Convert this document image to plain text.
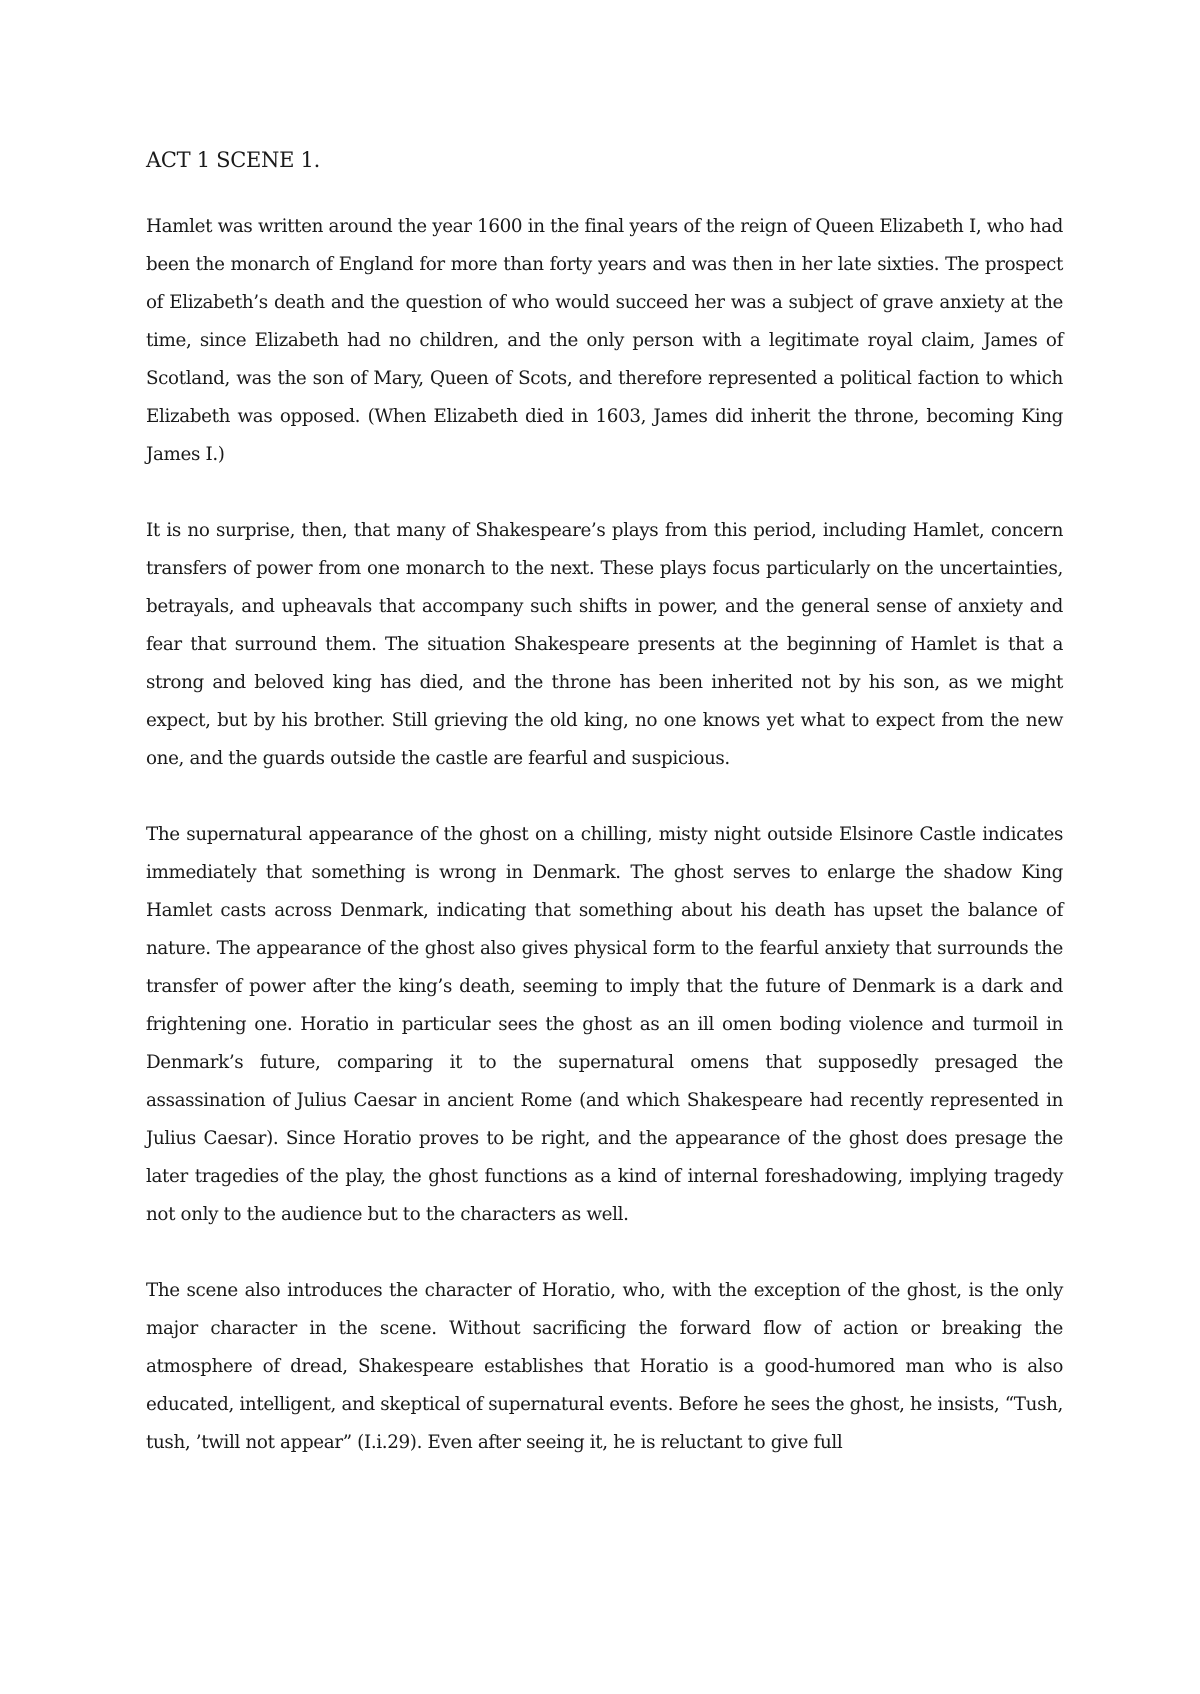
ACT 1 SCENE 1.

Hamlet was written around the year 1600 in the final years of the reign of Queen Elizabeth I, who had been the monarch of England for more than forty years and was then in her late sixties. The prospect of Elizabeth’s death and the question of who would succeed her was a subject of grave anxiety at the time, since Elizabeth had no children, and the only person with a legitimate royal claim, James of Scotland, was the son of Mary, Queen of Scots, and therefore represented a political faction to which Elizabeth was opposed. (When Elizabeth died in 1603, James did inherit the throne, becoming King James I.)

It is no surprise, then, that many of Shakespeare’s plays from this period, including Hamlet, concern transfers of power from one monarch to the next. These plays focus particularly on the uncertainties, betrayals, and upheavals that accompany such shifts in power, and the general sense of anxiety and fear that surround them. The situation Shakespeare presents at the beginning of Hamlet is that a strong and beloved king has died, and the throne has been inherited not by his son, as we might expect, but by his brother. Still grieving the old king, no one knows yet what to expect from the new one, and the guards outside the castle are fearful and suspicious.

The supernatural appearance of the ghost on a chilling, misty night outside Elsinore Castle indicates immediately that something is wrong in Denmark. The ghost serves to enlarge the shadow King Hamlet casts across Denmark, indicating that something about his death has upset the balance of nature. The appearance of the ghost also gives physical form to the fearful anxiety that surrounds the transfer of power after the king’s death, seeming to imply that the future of Denmark is a dark and frightening one. Horatio in particular sees the ghost as an ill omen boding violence and turmoil in Denmark’s future, comparing it to the supernatural omens that supposedly presaged the assassination of Julius Caesar in ancient Rome (and which Shakespeare had recently represented in Julius Caesar). Since Horatio proves to be right, and the appearance of the ghost does presage the later tragedies of the play, the ghost functions as a kind of internal foreshadowing, implying tragedy not only to the audience but to the characters as well.

The scene also introduces the character of Horatio, who, with the exception of the ghost, is the only major character in the scene. Without sacrificing the forward flow of action or breaking the atmosphere of dread, Shakespeare establishes that Horatio is a good-humored man who is also educated, intelligent, and skeptical of supernatural events. Before he sees the ghost, he insists, “Tush, tush, ’twill not appear” (I.i.29). Even after seeing it, he is reluctant to give full
